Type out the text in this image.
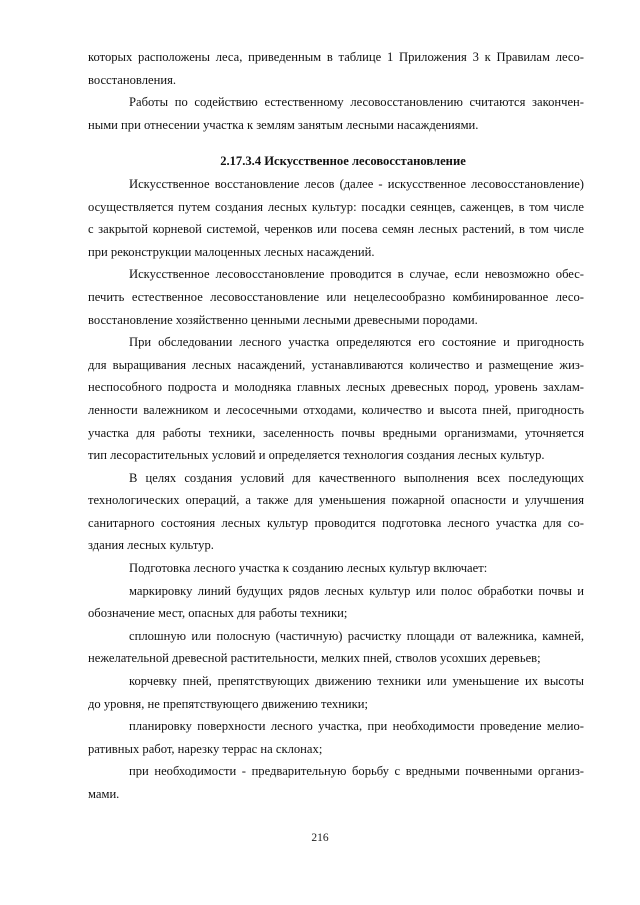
которых расположены леса, приведенным в таблице 1 Приложения 3 к Правилам лесо-
восстановления.
Работы по содействию естественному лесовосстановлению считаются закончен-
ными при отнесении участка к землям занятым лесными насаждениями.
2.17.3.4 Искусственное лесовосстановление
Искусственное восстановление лесов (далее - искусственное лесовосстановление)
осуществляется путем создания лесных культур: посадки сеянцев, саженцев, в том числе
с закрытой корневой системой, черенков или посева семян лесных растений, в том числе
при реконструкции малоценных лесных насаждений.
Искусственное лесовосстановление проводится в случае, если невозможно обес-
печить естественное лесовосстановление или нецелесообразно комбинированное лесо-
восстановление хозяйственно ценными лесными древесными породами.
При обследовании лесного участка определяются его состояние и пригодность
для выращивания лесных насаждений, устанавливаются количество и размещение жиз-
неспособного подроста и молодняка главных лесных древесных пород, уровень захлам-
ленности валежником и лесосечными отходами, количество и высота пней, пригодность
участка для работы техники, заселенность почвы вредными организмами, уточняется
тип лесорастительных условий и определяется технология создания лесных культур.
В целях создания условий для качественного выполнения всех последующих
технологических операций, а также для уменьшения пожарной опасности и улучшения
санитарного состояния лесных культур проводится подготовка лесного участка для со-
здания лесных культур.
Подготовка лесного участка к созданию лесных культур включает:
маркировку линий будущих рядов лесных культур или полос обработки почвы и
обозначение мест, опасных для работы техники;
сплошную или полосную (частичную) расчистку площади от валежника, камней,
нежелательной древесной растительности, мелких пней, стволов усохших деревьев;
корчевку пней, препятствующих движению техники или уменьшение их высоты
до уровня, не препятствующего движению техники;
планировку поверхности лесного участка, при необходимости проведение мелио-
ративных работ, нарезку террас на склонах;
при необходимости - предварительную борьбу с вредными почвенными организ-
мами.
216
